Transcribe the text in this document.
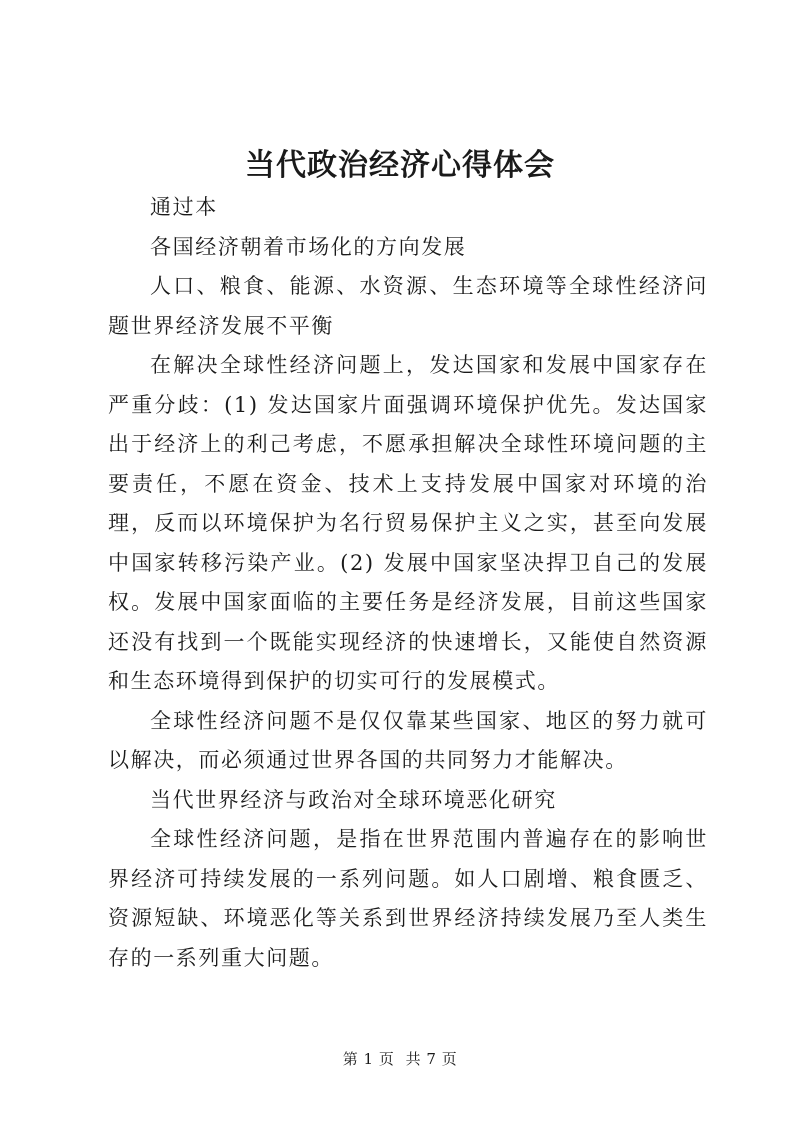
当代政治经济心得体会

通过本

各国经济朝着市场化的方向发展

人口、粮食、能源、水资源、生态环境等全球性经济问题世界经济发展不平衡

在解决全球性经济问题上，发达国家和发展中国家存在严重分歧：(1) 发达国家片面强调环境保护优先。发达国家出于经济上的利己考虑，不愿承担解决全球性环境问题的主要责任，不愿在资金、技术上支持发展中国家对环境的治理，反而以环境保护为名行贸易保护主义之实，甚至向发展中国家转移污染产业。(2) 发展中国家坚决捍卫自己的发展权。发展中国家面临的主要任务是经济发展，目前这些国家还没有找到一个既能实现经济的快速增长，又能使自然资源和生态环境得到保护的切实可行的发展模式。

全球性经济问题不是仅仅靠某些国家、地区的努力就可以解决，而必须通过世界各国的共同努力才能解决。

当代世界经济与政治对全球环境恶化研究

全球性经济问题，是指在世界范围内普遍存在的影响世界经济可持续发展的一系列问题。如人口剧增、粮食匮乏、资源短缺、环境恶化等关系到世界经济持续发展乃至人类生存的一系列重大问题。

第 1 页 共 7 页
